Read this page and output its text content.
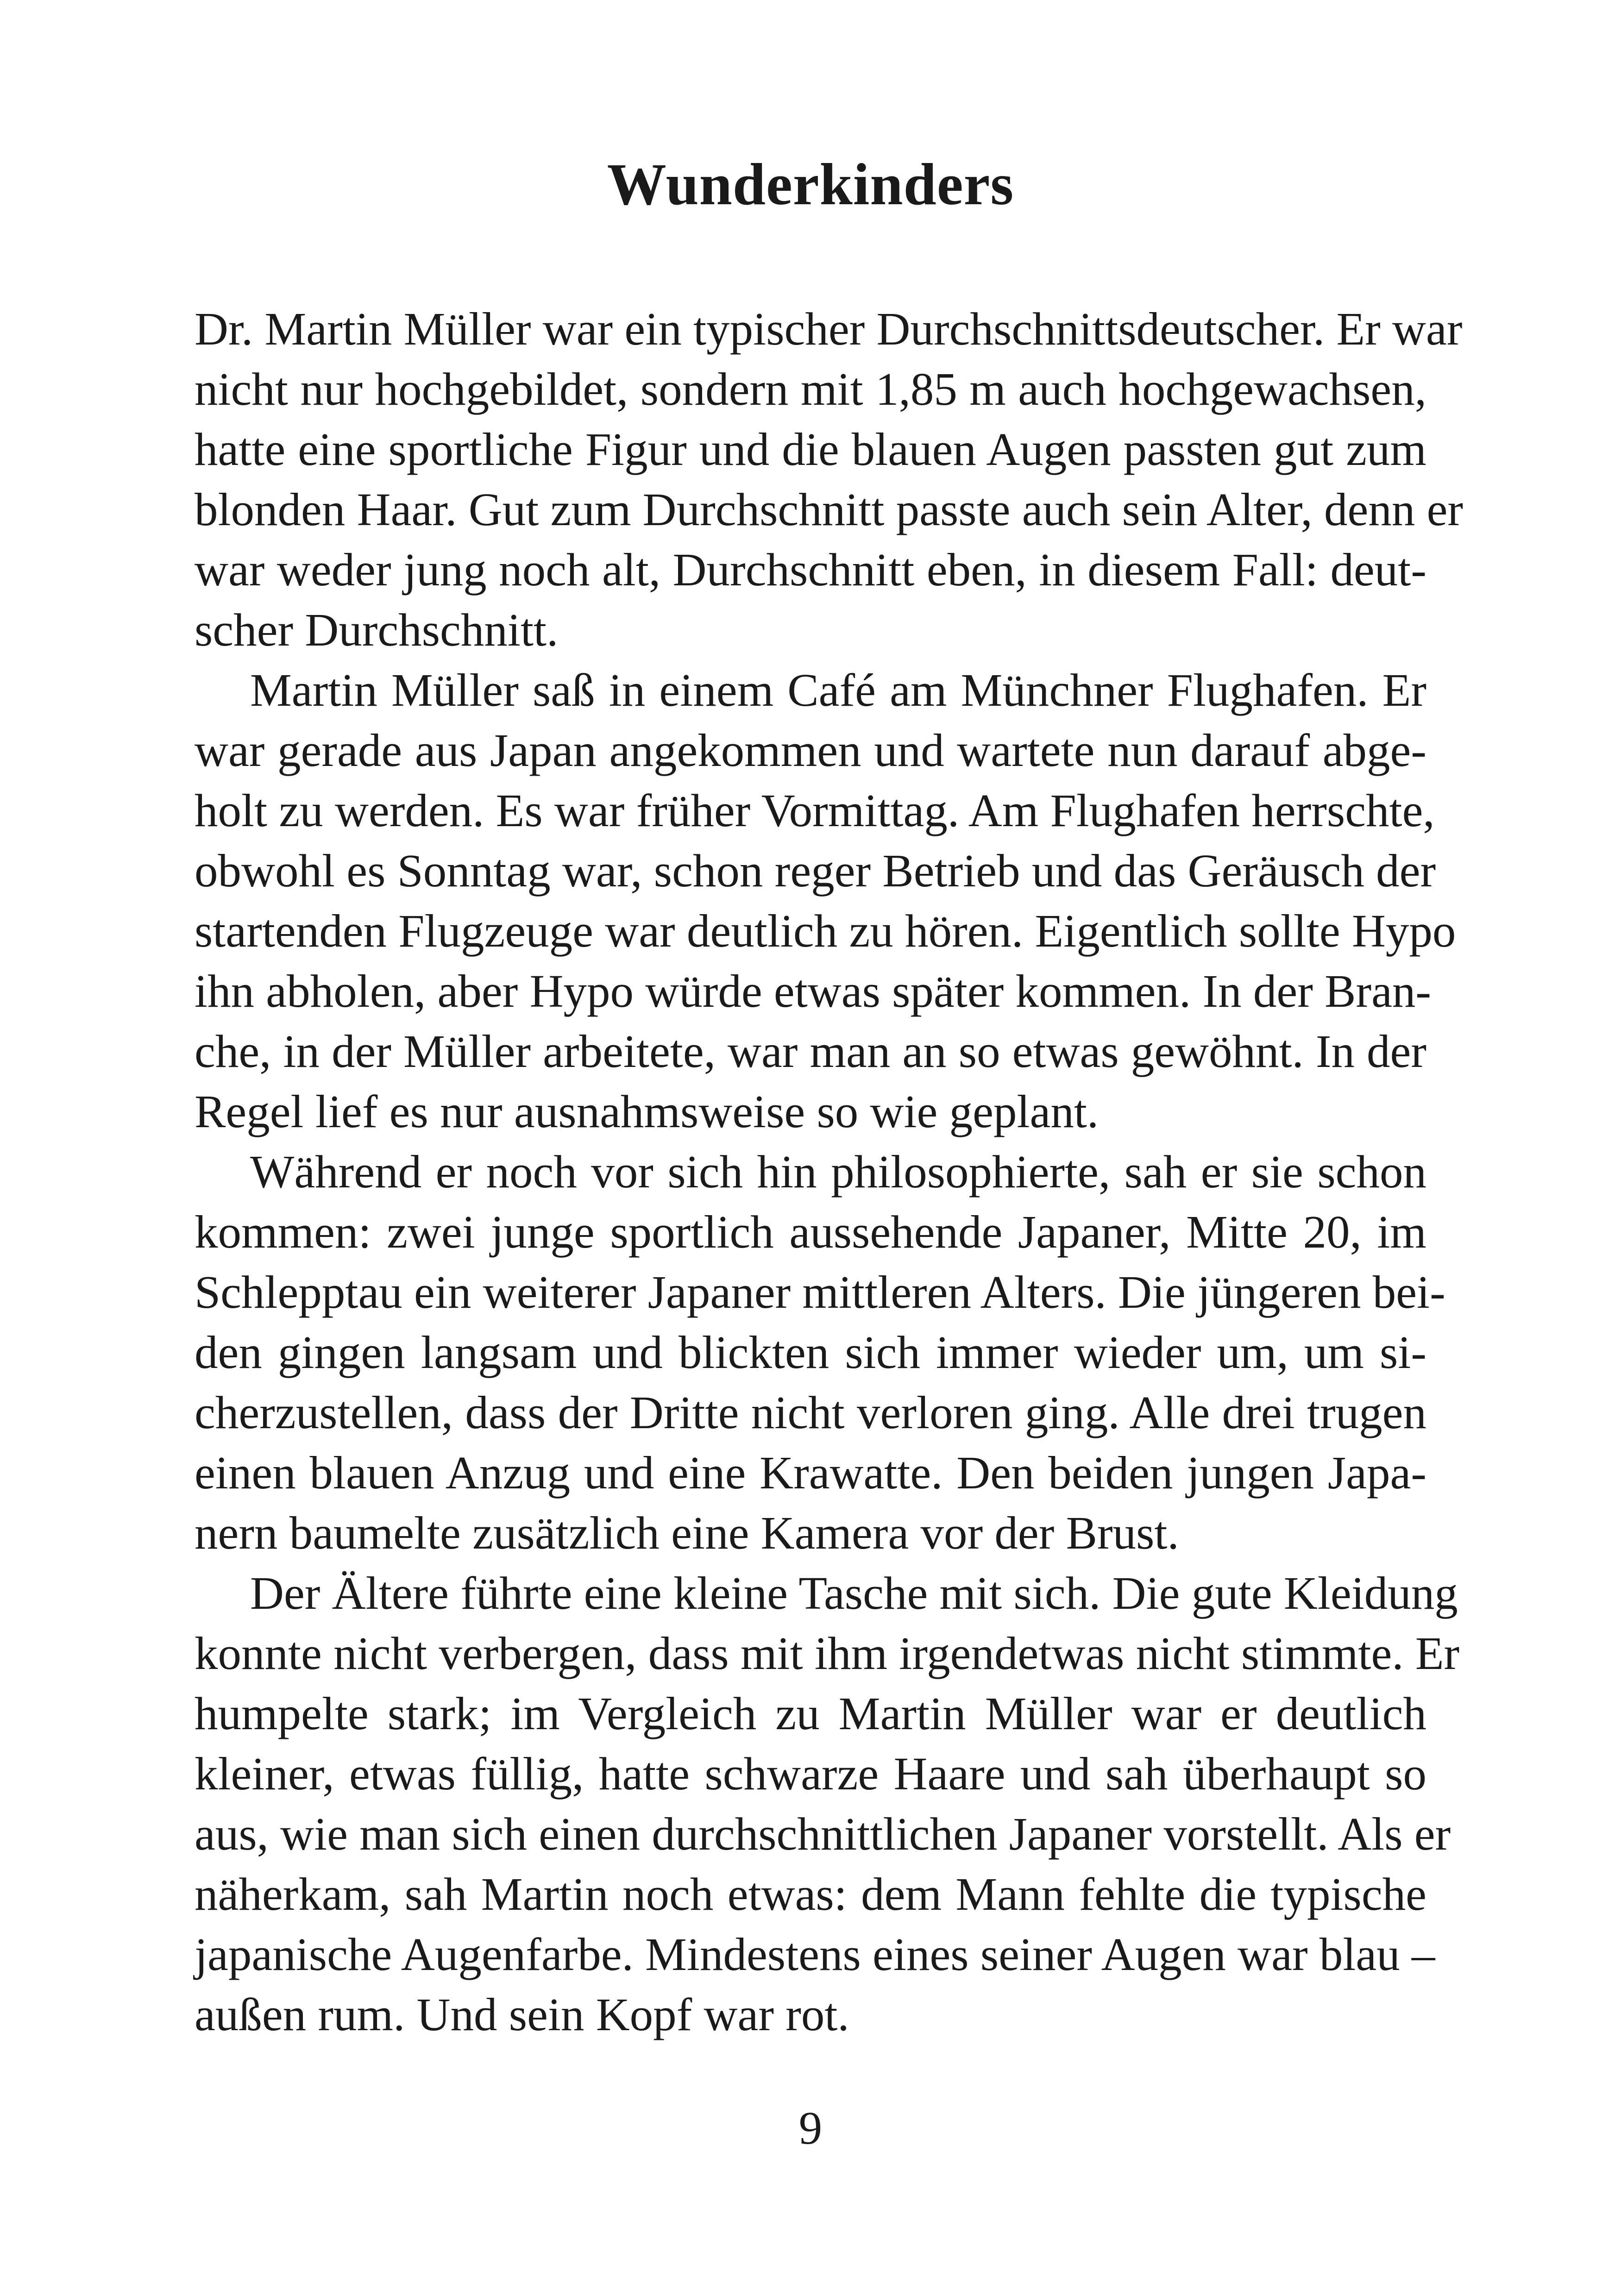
Wunderkinders
Dr. Martin Müller war ein typischer Durchschnittsdeutscher. Er war
nicht nur hochgebildet, sondern mit 1,85 m auch hochgewachsen,
hatte eine sportliche Figur und die blauen Augen passten gut zum
blonden Haar. Gut zum Durchschnitt passte auch sein Alter, denn er
war weder jung noch alt, Durchschnitt eben, in diesem Fall: deut-
scher Durchschnitt.
Martin Müller saß in einem Café am Münchner Flughafen. Er
war gerade aus Japan angekommen und wartete nun darauf abge-
holt zu werden. Es war früher Vormittag. Am Flughafen herrschte,
obwohl es Sonntag war, schon reger Betrieb und das Geräusch der
startenden Flugzeuge war deutlich zu hören. Eigentlich sollte Hypo
ihn abholen, aber Hypo würde etwas später kommen. In der Bran-
che, in der Müller arbeitete, war man an so etwas gewöhnt. In der
Regel lief es nur ausnahmsweise so wie geplant.
Während er noch vor sich hin philosophierte, sah er sie schon
kommen: zwei junge sportlich aussehende Japaner, Mitte 20, im
Schlepptau ein weiterer Japaner mittleren Alters. Die jüngeren bei-
den gingen langsam und blickten sich immer wieder um, um si-
cherzustellen, dass der Dritte nicht verloren ging. Alle drei trugen
einen blauen Anzug und eine Krawatte. Den beiden jungen Japa-
nern baumelte zusätzlich eine Kamera vor der Brust.
Der Ältere führte eine kleine Tasche mit sich. Die gute Kleidung
konnte nicht verbergen, dass mit ihm irgendetwas nicht stimmte. Er
humpelte stark; im Vergleich zu Martin Müller war er deutlich
kleiner, etwas füllig, hatte schwarze Haare und sah überhaupt so
aus, wie man sich einen durchschnittlichen Japaner vorstellt. Als er
näherkam, sah Martin noch etwas: dem Mann fehlte die typische
japanische Augenfarbe. Mindestens eines seiner Augen war blau –
außen rum. Und sein Kopf war rot.
9
